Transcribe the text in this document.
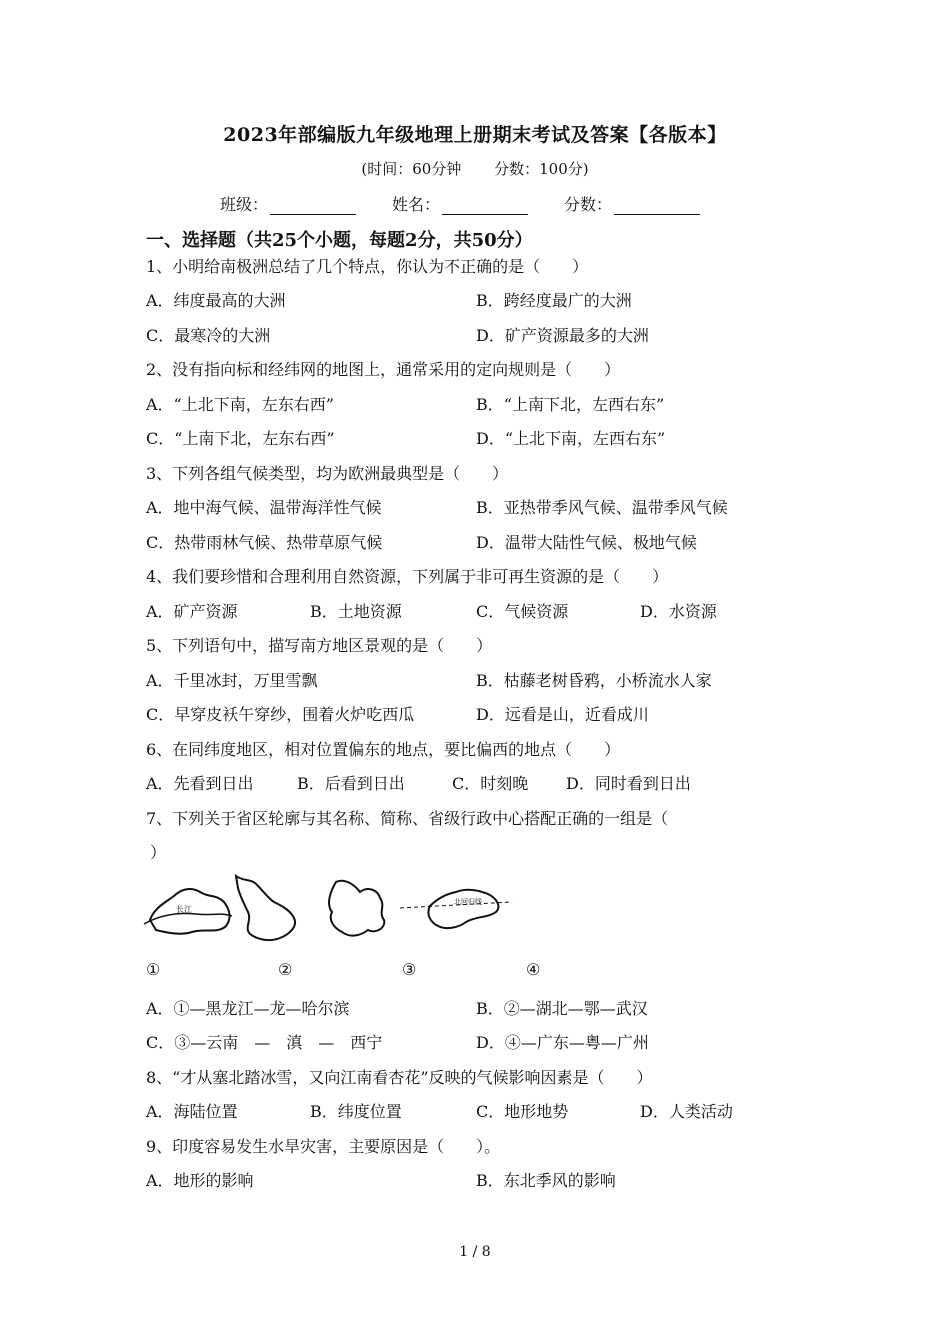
2023年部编版九年级地理上册期末考试及答案【各版本】
(时间：60分钟 分数：100分)
班级：	姓名：	分数：
一、选择题（共25个小题，每题2分，共50分）
1、小明给南极洲总结了几个特点，你认为不正确的是（　　）
A．纬度最高的大洲	B．跨经度最广的大洲
C．最寒冷的大洲	D．矿产资源最多的大洲
2、没有指向标和经纬网的地图上，通常采用的定向规则是（　　）
A．“上北下南，左东右西”	B．“上南下北，左西右东”
C．“上南下北，左东右西”	D．“上北下南，左西右东”
3、下列各组气候类型，均为欧洲最典型是（　　）
A．地中海气候、温带海洋性气候	B．亚热带季风气候、温带季风气候
C．热带雨林气候、热带草原气候	D．温带大陆性气候、极地气候
4、我们要珍惜和合理利用自然资源，下列属于非可再生资源的是（　　）
A．矿产资源	B．土地资源	C．气候资源	D．水资源
5、下列语句中，描写南方地区景观的是（　　）
A．千里冰封，万里雪飘	B．枯藤老树昏鸦，小桥流水人家
C．早穿皮袄午穿纱，围着火炉吃西瓜	D．远看是山，近看成川
6、在同纬度地区，相对位置偏东的地点，要比偏西的地点（　　）
A．先看到日出	B．后看到日出	C．时刻晚 D．同时看到日出
7、下列关于省区轮廓与其名称、简称、省级行政中心搭配正确的一组是（
）
长江
北回归线
①	②	③	④
A．①—黑龙江—龙—哈尔滨	B．②—湖北—鄂—武汉
C．③—云南　—　滇　—　西宁	D．④—广东—粤—广州
8、“才从塞北踏冰雪，又向江南看杏花”反映的气候影响因素是（　　）
A．海陆位置	B．纬度位置	C．地形地势	D．人类活动
9、印度容易发生水旱灾害，主要原因是（　　）。
A．地形的影响	B．东北季风的影响
1 / 8
